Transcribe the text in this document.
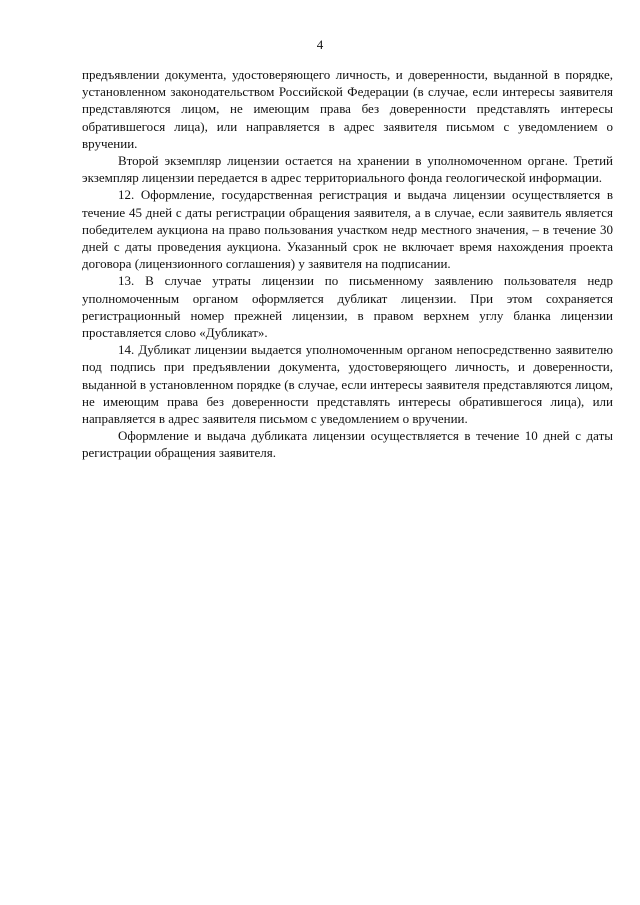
4

предъявлении документа, удостоверяющего личность, и доверенности, выданной в порядке, установленном законодательством Российской Федерации (в случае, если интересы заявителя представляются лицом, не имеющим права без доверенности представлять интересы обратившегося лица), или направляется в адрес заявителя письмом с уведомлением о вручении.

Второй экземпляр лицензии остается на хранении в уполномоченном органе. Третий экземпляр лицензии передается в адрес территориального фонда геологической информации.

12. Оформление, государственная регистрация и выдача лицензии осуществляется в течение 45 дней с даты регистрации обращения заявителя, а в случае, если заявитель является победителем аукциона на право пользования участком недр местного значения, – в течение 30 дней с даты проведения аукциона. Указанный срок не включает время нахождения проекта договора (лицензионного соглашения) у заявителя на подписании.

13. В случае утраты лицензии по письменному заявлению пользователя недр уполномоченным органом оформляется дубликат лицензии. При этом сохраняется регистрационный номер прежней лицензии, в правом верхнем углу бланка лицензии проставляется слово «Дубликат».

14. Дубликат лицензии выдается уполномоченным органом непосредственно заявителю под подпись при предъявлении документа, удостоверяющего личность, и доверенности, выданной в установленном порядке (в случае, если интересы заявителя представляются лицом, не имеющим права без доверенности представлять интересы обратившегося лица), или направляется в адрес заявителя письмом с уведомлением о вручении.

Оформление и выдача дубликата лицензии осуществляется в течение 10 дней с даты регистрации обращения заявителя.
